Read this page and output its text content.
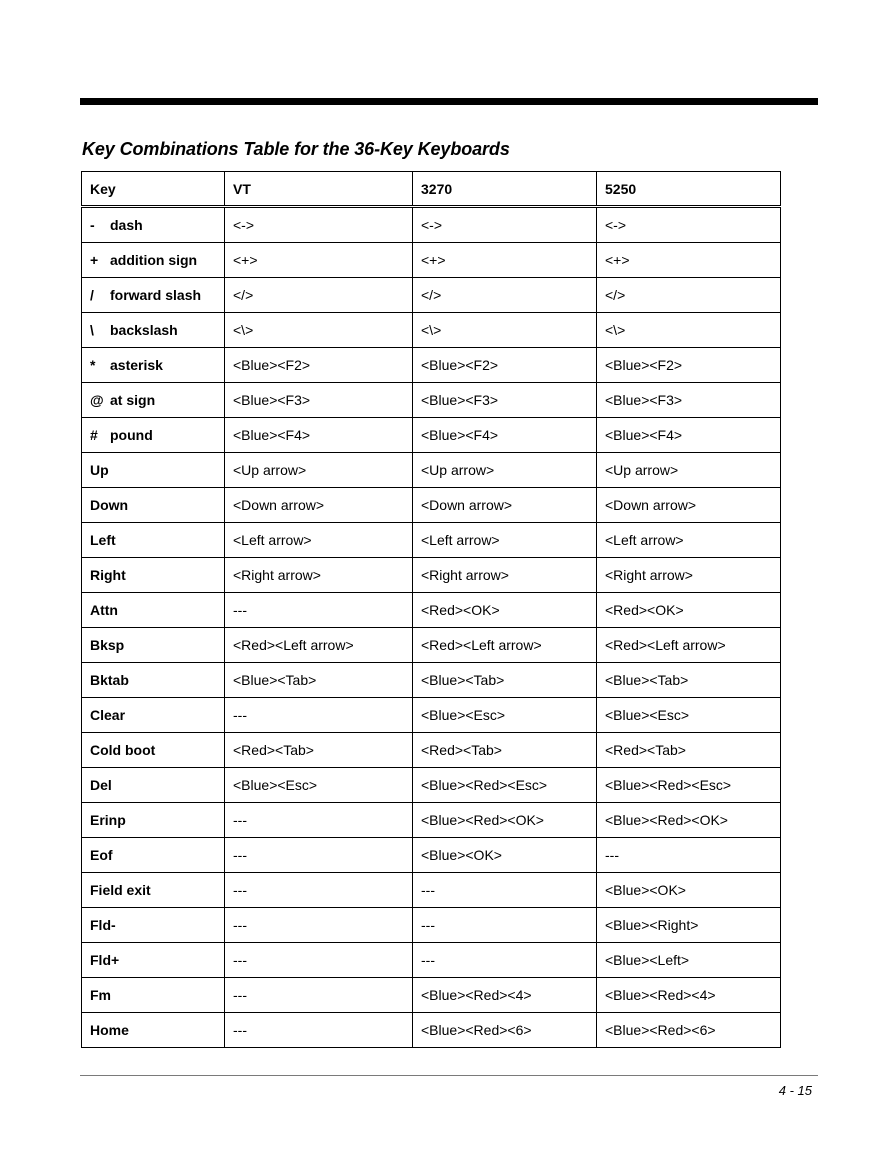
Key Combinations Table for the 36-Key Keyboards
Key	VT	3270	5250
- dash	<->	<->	<->
+ addition sign	<+>	<+>	<+>
/ forward slash	</>	</>	</>
\ backslash	<\>	<\>	<\>
* asterisk	<Blue><F2>	<Blue><F2>	<Blue><F2>
@ at sign	<Blue><F3>	<Blue><F3>	<Blue><F3>
# pound	<Blue><F4>	<Blue><F4>	<Blue><F4>
Up	<Up arrow>	<Up arrow>	<Up arrow>
Down	<Down arrow>	<Down arrow>	<Down arrow>
Left	<Left arrow>	<Left arrow>	<Left arrow>
Right	<Right arrow>	<Right arrow>	<Right arrow>
Attn	---	<Red><OK>	<Red><OK>
Bksp	<Red><Left arrow>	<Red><Left arrow>	<Red><Left arrow>
Bktab	<Blue><Tab>	<Blue><Tab>	<Blue><Tab>
Clear	---	<Blue><Esc>	<Blue><Esc>
Cold boot	<Red><Tab>	<Red><Tab>	<Red><Tab>
Del	<Blue><Esc>	<Blue><Red><Esc>	<Blue><Red><Esc>
Erinp	---	<Blue><Red><OK>	<Blue><Red><OK>
Eof	---	<Blue><OK>	---
Field exit	---	---	<Blue><OK>
Fld-	---	---	<Blue><Right>
Fld+	---	---	<Blue><Left>
Fm	---	<Blue><Red><4>	<Blue><Red><4>
Home	---	<Blue><Red><6>	<Blue><Red><6>
4 - 15
